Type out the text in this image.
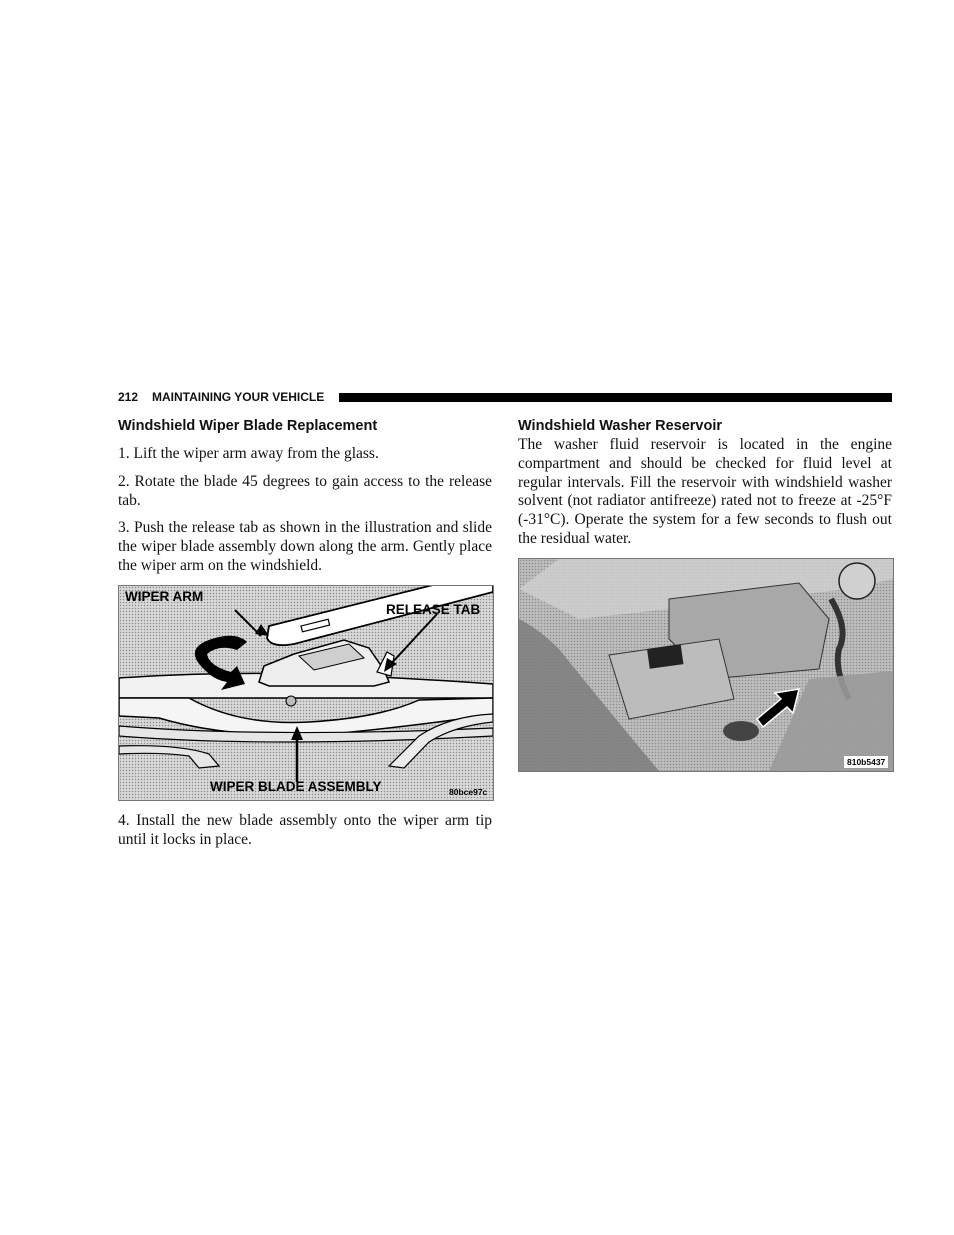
212 MAINTAINING YOUR VEHICLE
Windshield Wiper Blade Replacement

1. Lift the wiper arm away from the glass.

2. Rotate the blade 45 degrees to gain access to the release tab.

3. Push the release tab as shown in the illustration and slide the wiper blade assembly down along the arm. Gently place the wiper arm on the windshield.

WIPER ARM
RELEASE TAB
WIPER BLADE ASSEMBLY	80bce97c

4. Install the new blade assembly onto the wiper arm tip until it locks in place.

Windshield Washer Reservoir

The washer fluid reservoir is located in the engine compartment and should be checked for fluid level at regular intervals. Fill the reservoir with windshield washer solvent (not radiator antifreeze) rated not to freeze at -25°F (-31°C). Operate the system for a few seconds to flush out the residual water.

810b5437
